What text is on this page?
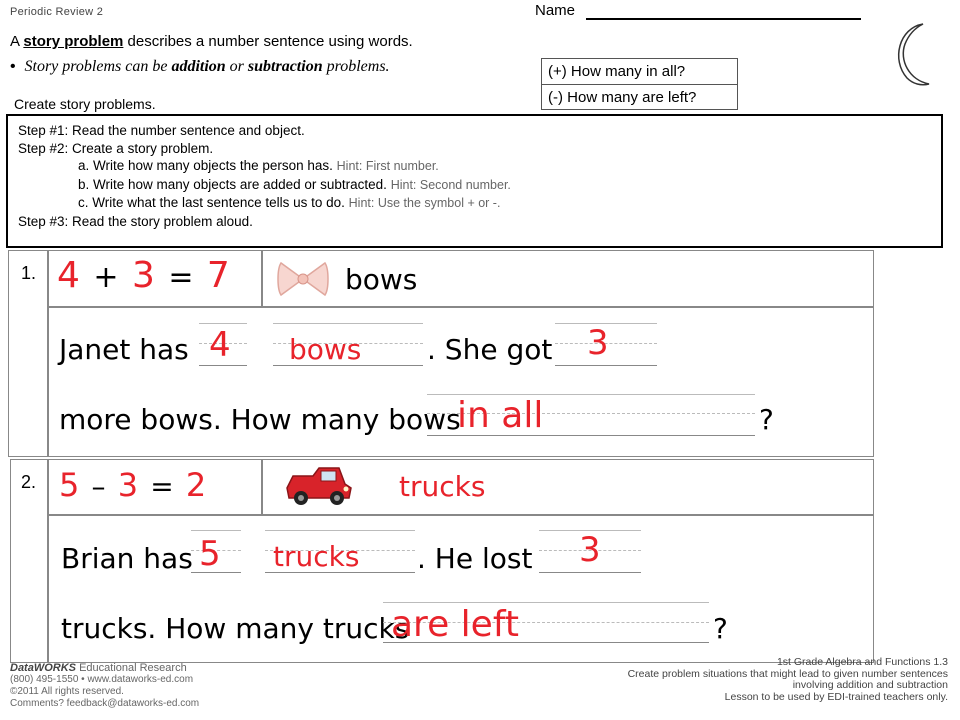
Periodic Review 2	Name
A story problem describes a number sentence using words.
•  Story problems can be addition or subtraction problems.	(+) How many in all?
(-) How many are left?
Create story problems.
Step #1: Read the number sentence and object.
Step #2: Create a story problem.
a. Write how many objects the person has. Hint: First number.
b. Write how many objects are added or subtracted. Hint: Second number.
c. Write what the last sentence tells us to do. Hint: Use the symbol + or -.
Step #3: Read the story problem aloud.
1. 4 + 3 = 7	bows
Janet has 4 bows . She got 3
more bows. How many bows
in all	?
2. 5 – 3 = 2	trucks
Brian has 5 trucks . He lost 3
trucks. How many trucks
are left	?
DataWORKS Educational Research
(800) 495-1550 • www.dataworks-ed.com
©2011 All rights reserved.
Comments? feedback@dataworks-ed.com
1st Grade Algebra and Functions 1.3
Create problem situations that might lead to given number sentences
involving addition and subtraction
Lesson to be used by EDI-trained teachers only.
